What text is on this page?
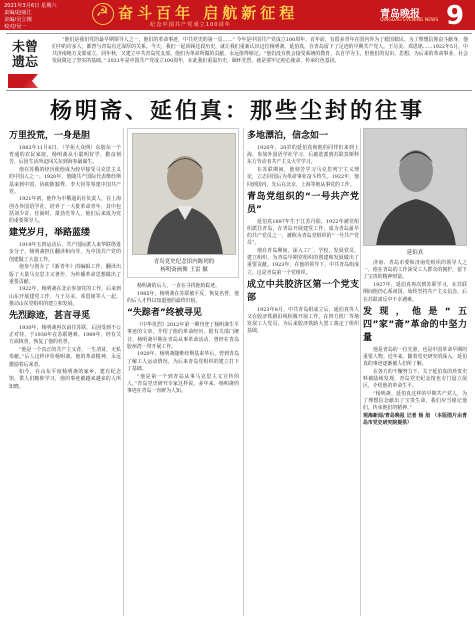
2021年3月6日 星期六
责编/赵丽江
美编/吴立刚
校对/吴一
☭
奋斗百年 启航新征程
纪念中国共产党成立100周年
青岛晚报
QINGDAO EVENING NEWS 9
未曾遗忘
“他们是我们党的最早期领导人之一，他们的革命事迹，中共党史的第一页……” 今年是中国共产党成立100周年。百年前，有很多青年在国内外为了救国救民、为了理想信仰奋斗献身，他们中的许多人，都曾与青岛有过深厚的关系。今天，我们一起回顾这段历史，就让我们重新认识这位杨明斋、延伯真，在青岛留下了足迹的早期共产党人。王尽美、邓恩铭……1922年5月，中共济南地方支部成立，同年秋，又建立中共青岛党支部。他们为革命所做的贡献，永远值得铭记。“他们没有机会接受系统的教育，以自学为主，但他们的见识、思想，为后来的革命事业、社会发展奠定了坚实的基础。” 2021年是中国共产党成立100周年，在此我们重温历史，缅怀先烈，就是要牢记初心使命，传承红色基因。
杨明斋、延伯真：那些尘封的往事
万里投荒，一身是胆

1882年11月6日，（学苑大众网）东胶东一个普通的农民家庭，杨明斋从小聪明好学，勤奋刻苦，后因生活所迫闯关东到海参崴谋生。

他在苏俄的经历使他成为较早接受马克思主义的中国人之一。1920年，他随共产国际代表维经斯基来到中国，协助陈独秀、李大钊等筹建中国共产党。

1921年初，他作为中俄通讯社负责人，在上海创办外国语学社，培养了一大批革命青年，其中包括刘少奇、任弼时、萧劲光等人，他们后来成为党的重要领导人。

建党岁月，举路蓝缕

1919年五四运动后，共产国际派人来华联络进步分子，杨明斋担任翻译和向导，为中国共产党的创建做了大量工作。

他参与创办了《新青年》的编辑工作，翻译出版了大量马克思主义著作，为传播革命思想做出了重要贡献。

1922年，杨明斋在北京参加党的工作，后来到山东开展建党工作，与王尽美、邓恩铭等人一起，推动山东党组织的建立和发展。

先烈踪迹，甚言寻觅

1930年，杨明斋再次前往苏联，后因受到不公正对待，于1938年在苏联遇难。1989年，经有关方面核查，恢复了他的名誉。

“他是一个真正的共产主义者，一生清贫，无私奉献。”后人这样评价杨明斋。他的革命精神，永远激励着后来者。

如今，在山东平度杨明斋的家乡，建有纪念馆，供人们瞻仰学习，他的事迹被越来越多的人所知晓。

青岛党史纪念馆内陈列的
杨明斋画像 王雷 摄

杨明斋的后人，一直在寻找他的踪迹。

1985年，杨明斋在苏联被平反，恢复名誉，他的后人才得以知道他的最终归宿。

“失踪者”终被寻见

《中华英烈》2012年第一期刊登了杨明斋生平事迹的文章，介绍了他的革命经历。据有关部门统计，杨明斋早期在青岛从事革命活动，曾经在青岛胶州湾一带开展工作。

1920年，杨明斋随维经斯基来华后，曾到青岛了解工人运动情况，为后来青岛党组织的建立打下了基础。

“他是第一个到青岛从事马克思主义宣传的人。”青岛党史研究专家这样说。多年来，杨明斋的事迹在青岛一直鲜为人知。

多地漂泊，信念如一

1920年，20岁的延伯真和他的同伴们来到上海，参加外国语学社学习，后被选派到苏联莫斯科东方劳动者共产主义大学学习。

在苏联期间，他刻苦学习马克思列宁主义理论，立志回国后为革命事业奋斗终生。1922年，他回到国内，先后在北京、上海等地从事党的工作。

青岛党组织的“一号共产党员”

延伯真1897年生于江苏丹阳，1922年被党组织派往青岛，在青岛开展建党工作，成为青岛最早的共产党员之一，被称为青岛党组织的“一号共产党员”。

他在青岛期间，深入工厂、学校，发展党员，建立组织，为青岛早期党组织的创建和发展做出了重要贡献。1923年，在他的领导下，中共青岛组成立，这是青岛第一个党组织。

成立中共胶济区第一个党支部

1923年8月，中共青岛组成立后，延伯真等人又在胶济铁路沿线积极开展工作，在四方机厂等地发展工人党员，为后来胶济铁路大罢工奠定了组织基础。

延伯真

济南、青岛市委和济南党组织的领导人之一，他在青岛的工作深受工人群众的拥护，留下了宝贵的精神财富。

1927年，延伯真再次到苏联学习，在苏联期间他仍心系祖国，始终坚持共产主义信念，后在苏联肃反中不幸遇难。

发现，他是“五四”家”斋”革命的中坚力量

他是青岛的一位先驱，也是中国革命早期的重要人物。近年来，随着党史研究的深入，延伯真的事迹逐渐被人们所了解。

在各方的不懈努力下，关于延伯真的珍贵史料被陆续发现，青岛党史纪念馆也专门设立展区，介绍他的革命生平。

“杨明斋、延伯真这样的早期共产党人，为了理想信念献出了宝贵生命，我们应当铭记他们，传承他们的精神。”

观海新闻/青岛晚报 记者 杨 旭 （本版图片由青岛市党史研究院提供）
